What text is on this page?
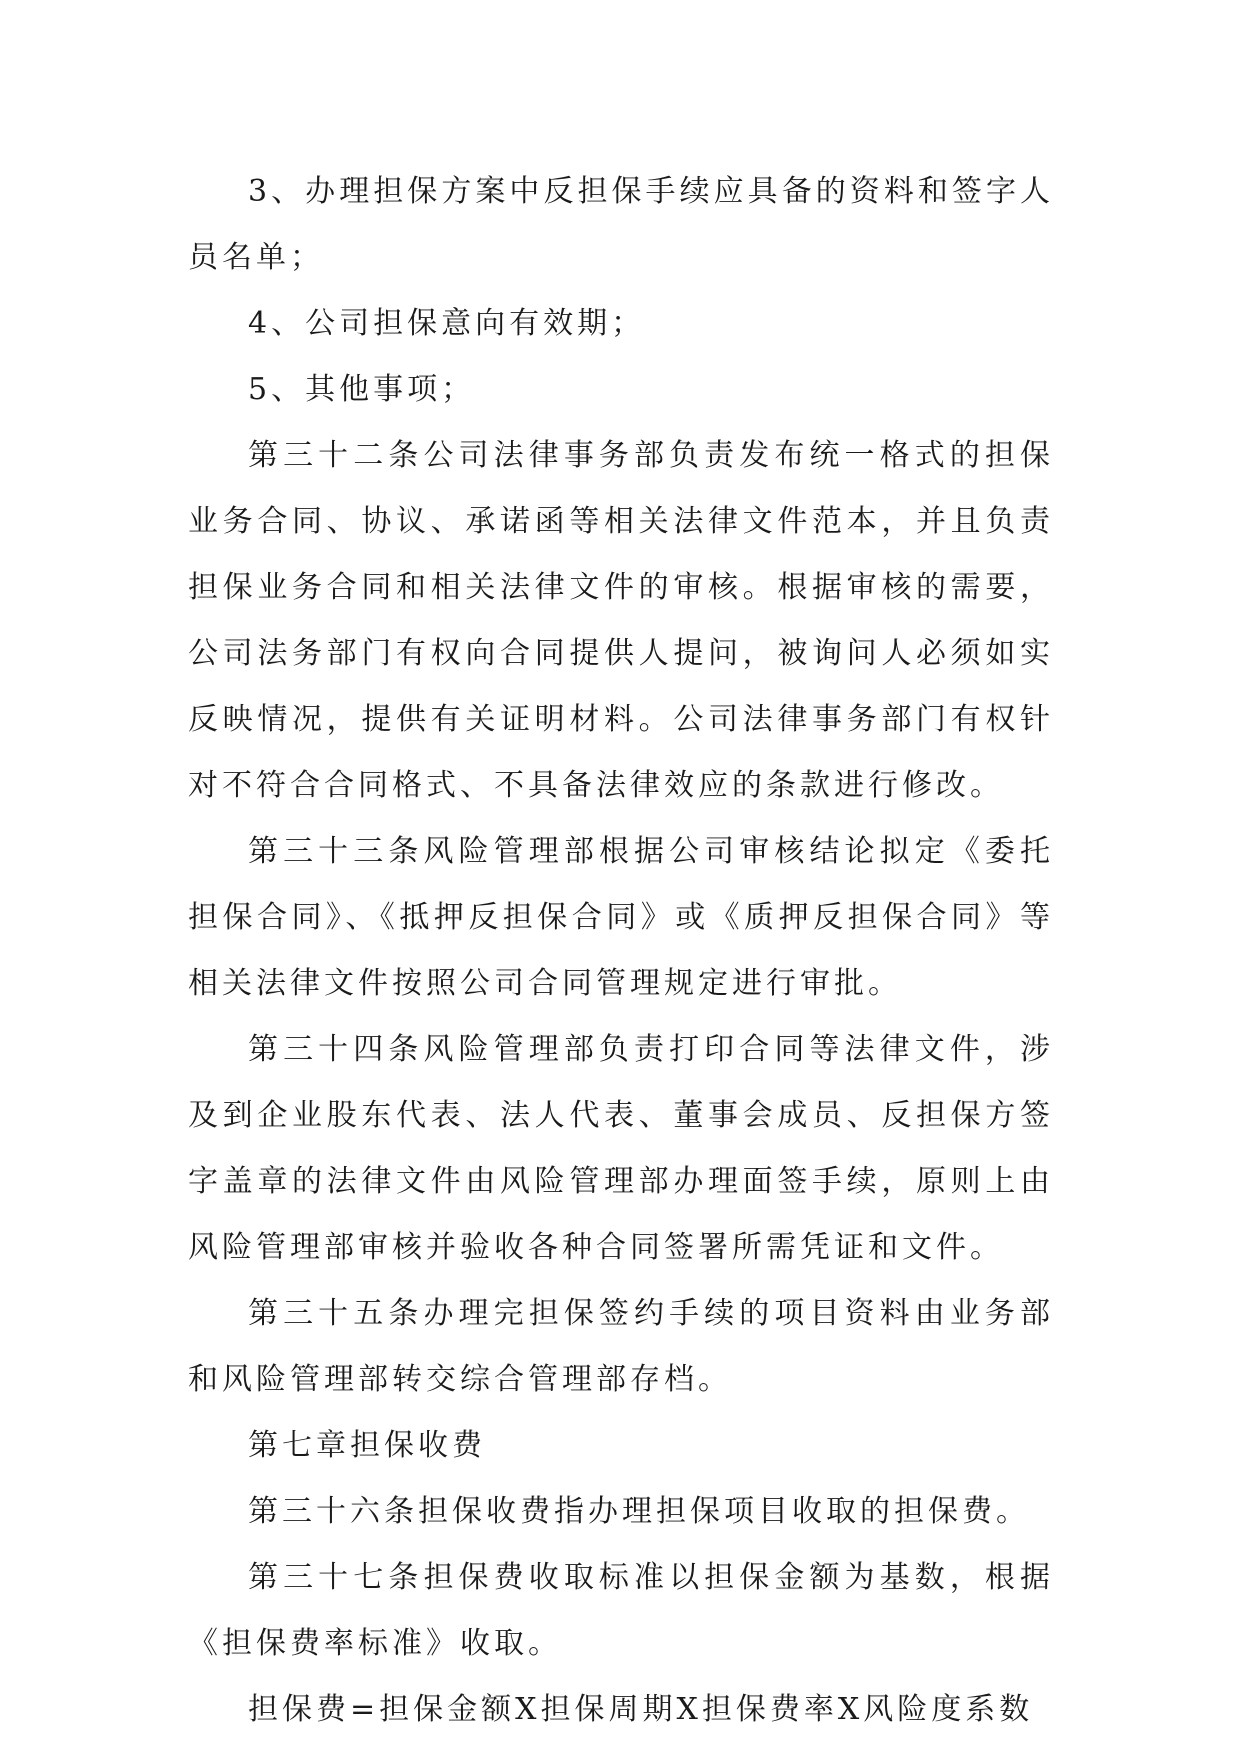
3、办理担保方案中反担保手续应具备的资料和签字人员名单；

4、公司担保意向有效期；

5、其他事项；

第三十二条公司法律事务部负责发布统一格式的担保业务合同、协议、承诺函等相关法律文件范本，并且负责担保业务合同和相关法律文件的审核。根据审核的需要，公司法务部门有权向合同提供人提问，被询问人必须如实反映情况，提供有关证明材料。公司法律事务部门有权针对不符合合同格式、不具备法律效应的条款进行修改。

第三十三条风险管理部根据公司审核结论拟定《委托担保合同》、《抵押反担保合同》或《质押反担保合同》等相关法律文件按照公司合同管理规定进行审批。

第三十四条风险管理部负责打印合同等法律文件，涉及到企业股东代表、法人代表、董事会成员、反担保方签字盖章的法律文件由风险管理部办理面签手续，原则上由风险管理部审核并验收各种合同签署所需凭证和文件。

第三十五条办理完担保签约手续的项目资料由业务部和风险管理部转交综合管理部存档。

第七章担保收费

第三十六条担保收费指办理担保项目收取的担保费。

第三十七条担保费收取标准以担保金额为基数，根据《担保费率标准》收取。

担保费=担保金额X担保周期X担保费率X风险度系数
